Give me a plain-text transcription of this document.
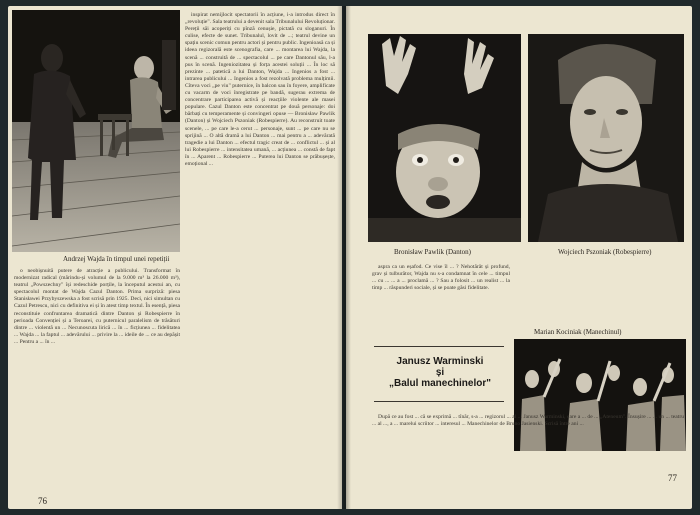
Andrzej Wajda în timpul unei repetiții

inspirat nemijlocit spectatorii în acțiune, i-a introdus direct în „revoluție". Sala teatrului a devenit sala Tribunalului Revoluționar. Pereții săi acoperiți cu pînză cenușie, pictată cu sloganuri. În culise, efecte de sunet. Tribunalul, lovit de ...; teatrul devine un spațiu scenic comun pentru actori și pentru public. Ingenioasă ca și ideea regizorală este scenografia, care ... montarea lui Wajda, la scenă ... construită de ... spectacolul ... pe care Dantonul său, l-a pus în scenă. Ingeniozitatea și forța acestei soluții ... În loc să prezinte ... patetică a lui Danton, Wajda ... Ingenios a fost ... intrarea publicului ... Ingenios a fost rezolvată problema mulțimii. Cîteva voci „pe viu" puternice, în balcon sau în foyere, amplificate cu vacarm de voci înregistrate pe bandă, sugerau extrema de concentrare participarea activă și reacțiile violente ale masei populare. Cazul Danton este concentrat pe două personaje: doi bărbați cu temperamente și convingeri opuse — Bronisław Pawlik (Danton) și Wojciech Pszoniak (Robespierre). Au reconstruit toate scenele, ... pe care le-a cerut ... personaje, sunt ... pe care nu se sprijină ... O altă dramă a lui Danton ... mai pentru a ... adevărată tragedie a lui Danton ... efectul tragic creat de ... conflictul ... și al lui Robespierre ... intensitatea umană, ... acțiunea ... constă de fapt în ... Aparent ... Robespierre ... Puterea lui Danton se prăbușește, emoțional ...

o neobișnuită putere de atracție a publicului. Transformat în modernizat radical (mărindu-și volumul de la 9.000 m³ la 26.000 m³), teatrul „Powszechny" își redeschide porțile, la începutul acestui an, cu spectacolul montat de Wajda Cazul Danton. Prima surpriză: piesa Stanisławei Przybyszewska a fost scrisă prin 1925. Deci, nici simultan cu Cazul Petrescu, nici cu definitiva ei și în atest timp textul. În esență, piesa reconstituie confruntarea dramatică dintre Danton și Robespierre în perioada Convenției și a Teroarei, cu puternicul paralelism de trăsături dintre ... violentă un ... Necunoscuta lirică ... în ... ficțiunea ... fidelitatea ... Wajda ... la faptul ... adevărului ... privire la ... ideile de ... ce au depășit ... Pentru a ... în ...

76
Bronisław Pawlik (Danton)	Wojciech Pszoniak (Robespierre)

aspra ca un eșafod. Ce vise îl ... ? Nehotărât și profund, grav și tulburător, Wajda nu s-a condamnat în cele ... timpul ... cu ... ... a ... proclamă ... ? Sau a folosit ... un realist ... la timp ... răspunderi sociale, și se poate găsi fidelitate.

Marian Kociniak (Manechinul)
Janusz Warminski
și
„Balul manechinelor"

După ce au fost ... că se exprimă ... tînăr, s-a ... regizorul ... al ... Janusz Warminski, care a ... de ... „Ateneum". Însușire ... ... un ... teatru ... al ..., a ... marelui scriitor ... interesul ... Manechinelor de Bruno Jasienski. Scrisă între ani ...

77
